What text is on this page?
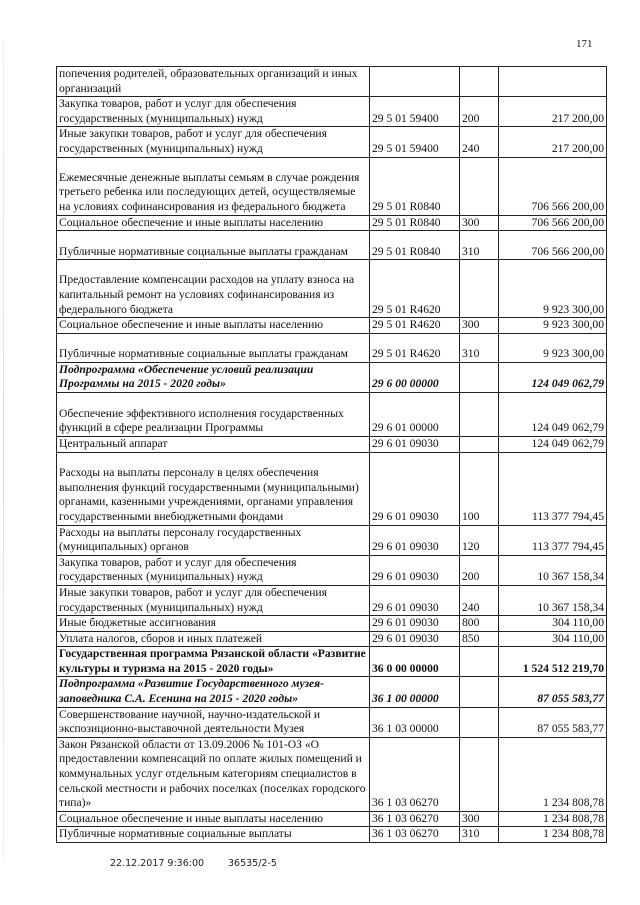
171
попечения родителей, образовательных организаций и иных организаций			
Закупка товаров, работ и услуг для обеспечения государственных (муниципальных) нужд	29 5 01 59400	200	217 200,00
Иные закупки товаров, работ и услуг для обеспечения государственных (муниципальных) нужд	29 5 01 59400	240	217 200,00
Ежемесячные денежные выплаты семьям в случае рождения третьего ребенка или последующих детей, осуществляемые на условиях софинансирования из федерального бюджета	29 5 01 R0840		706 566 200,00
Социальное обеспечение и иные выплаты населению	29 5 01 R0840	300	706 566 200,00
Публичные нормативные социальные выплаты гражданам	29 5 01 R0840	310	706 566 200,00
Предоставление компенсации расходов на уплату взноса на капитальный ремонт на условиях софинансирования из федерального бюджета	29 5 01 R4620		9 923 300,00
Социальное обеспечение и иные выплаты населению	29 5 01 R4620	300	9 923 300,00
Публичные нормативные социальные выплаты гражданам	29 5 01 R4620	310	9 923 300,00
Подпрограмма «Обеспечение условий реализации Программы на 2015 - 2020 годы»	29 6 00 00000		124 049 062,79
Обеспечение эффективного исполнения государственных функций в сфере реализации Программы	29 6 01 00000		124 049 062,79
Центральный аппарат	29 6 01 09030		124 049 062,79
Расходы на выплаты персоналу в целях обеспечения выполнения функций государственными (муниципальными) органами, казенными учреждениями, органами управления государственными внебюджетными фондами	29 6 01 09030	100	113 377 794,45
Расходы на выплаты персоналу государственных (муниципальных) органов	29 6 01 09030	120	113 377 794,45
Закупка товаров, работ и услуг для обеспечения государственных (муниципальных) нужд	29 6 01 09030	200	10 367 158,34
Иные закупки товаров, работ и услуг для обеспечения государственных (муниципальных) нужд	29 6 01 09030	240	10 367 158,34
Иные бюджетные ассигнования	29 6 01 09030	800	304 110,00
Уплата налогов, сборов и иных платежей	29 6 01 09030	850	304 110,00
Государственная программа Рязанской области «Развитие культуры и туризма на 2015 - 2020 годы»	36 0 00 00000		1 524 512 219,70
Подпрограмма «Развитие Государственного музея-заповедника С.А. Есенина на 2015 - 2020 годы»	36 1 00 00000		87 055 583,77
Совершенствование научной, научно-издательской и экспозиционно-выставочной деятельности Музея	36 1 03 00000		87 055 583,77
Закон Рязанской области от 13.09.2006 № 101-ОЗ «О предоставлении компенсаций по оплате жилых помещений и коммунальных услуг отдельным категориям специалистов в сельской местности и рабочих поселках (поселках городского типа)»	36 1 03 06270		1 234 808,78
Социальное обеспечение и иные выплаты населению	36 1 03 06270	300	1 234 808,78
Публичные нормативные социальные выплаты	36 1 03 06270	310	1 234 808,78
22.12.2017 9:36:00	36535/2-5
